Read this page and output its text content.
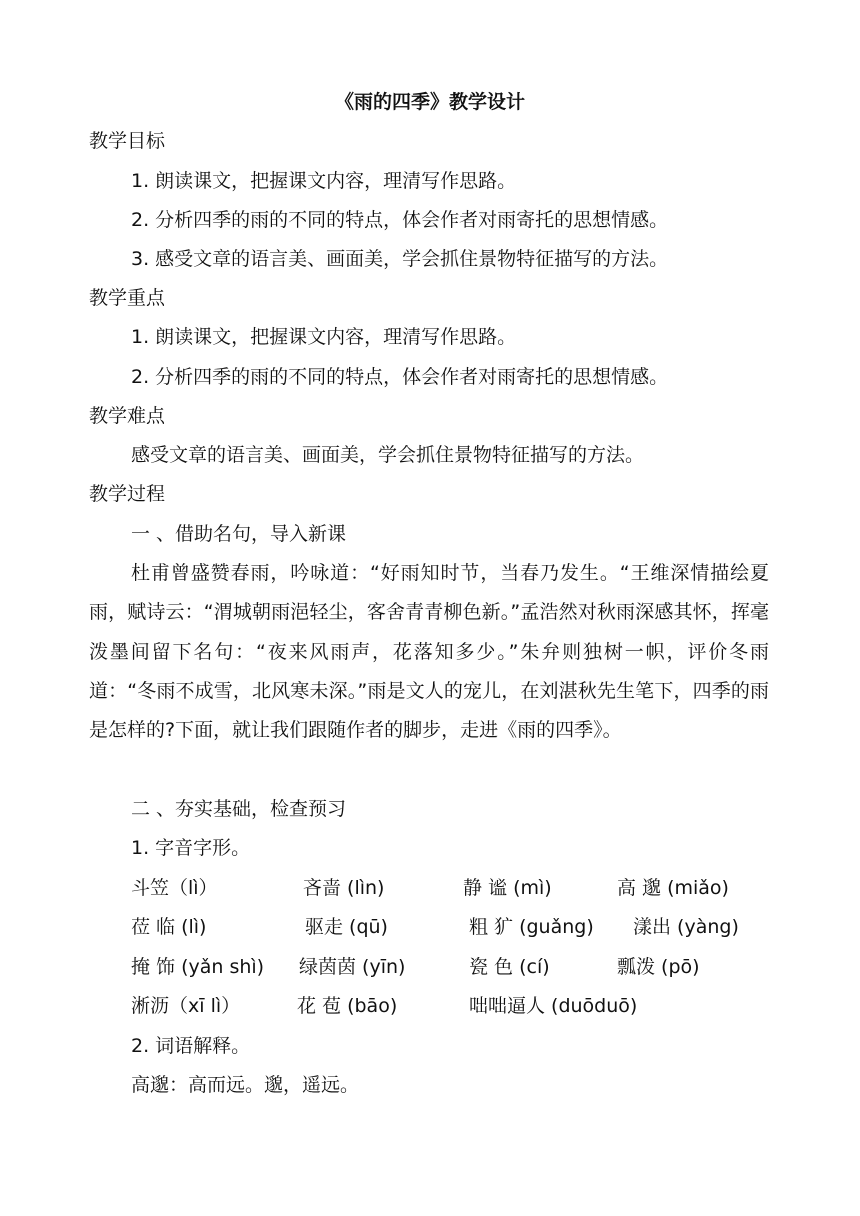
《雨的四季》教学设计
教学目标
1. 朗读课文，把握课文内容，理清写作思路。
2. 分析四季的雨的不同的特点，体会作者对雨寄托的思想情感。
3. 感受文章的语言美、画面美，学会抓住景物特征描写的方法。
教学重点
1. 朗读课文，把握课文内容，理清写作思路。
2. 分析四季的雨的不同的特点，体会作者对雨寄托的思想情感。
教学难点
感受文章的语言美、画面美，学会抓住景物特征描写的方法。
教学过程
一 、借助名句，导入新课
杜甫曾盛赞春雨，吟咏道：“好雨知时节，当春乃发生。“王维深情描绘夏雨，赋诗云：“渭城朝雨浥轻尘，客舍青青柳色新。”孟浩然对秋雨深感其怀，挥毫泼墨间留下名句：“夜来风雨声，花落知多少。”朱弁则独树一帜，评价冬雨道：“冬雨不成雪，北风寒未深。”雨是文人的宠儿，在刘湛秋先生笔下，四季的雨是怎样的?下面，就让我们跟随作者的脚步，走进《雨的四季》。
二 、夯实基础，检查预习
1. 字音字形。
斗笠（lì）	吝啬 (lìn)	静 谧 (mì)	高 邈 (miǎo)
莅 临 (lì)	驱走 (qū)	粗 犷 (guǎng) 漾出 (yàng)
掩 饰 (yǎn shì) 绿茵茵 (yīn)	瓷 色 (cí)	瓢泼 (pō)
淅沥（xī lì）	花 苞 (bāo)	咄咄逼人 (duōduō)
2. 词语解释。
高邈：高而远。邈，遥远。
